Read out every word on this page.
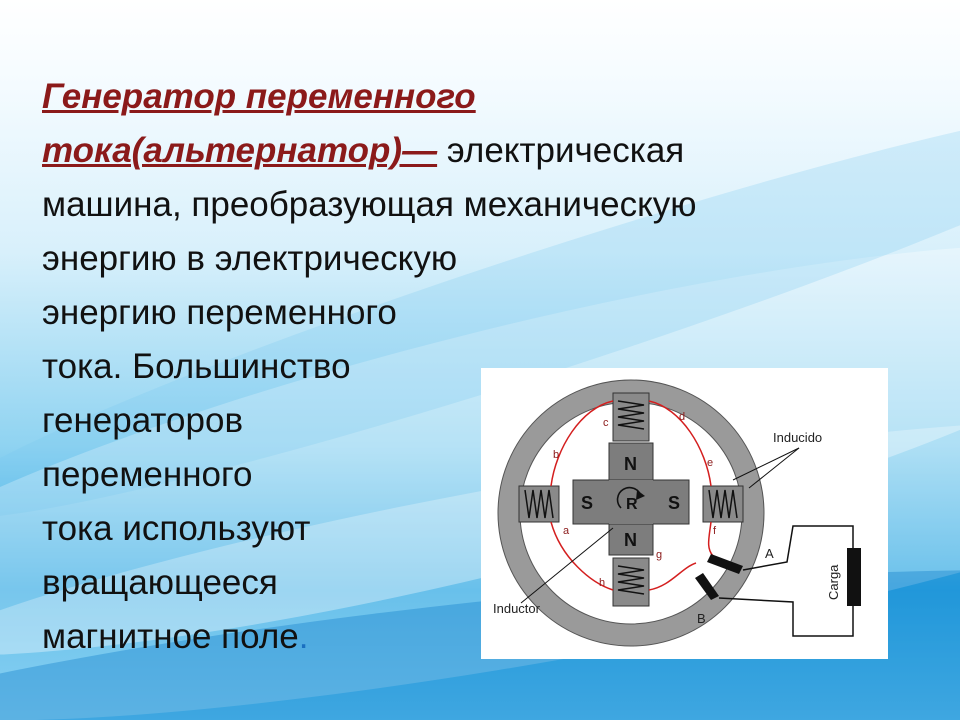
Генератор переменного
тока(альтернатор)— электрическая
машина, преобразующая механическую
энергию в электрическую
энергию переменного
тока. Большинство
генераторов
переменного
тока используют
вращающееся
магнитное поле.
N
N
S	S
R
a
b
c	d
e
f
g
h	Carga
A
B
Inducido
Inductor
